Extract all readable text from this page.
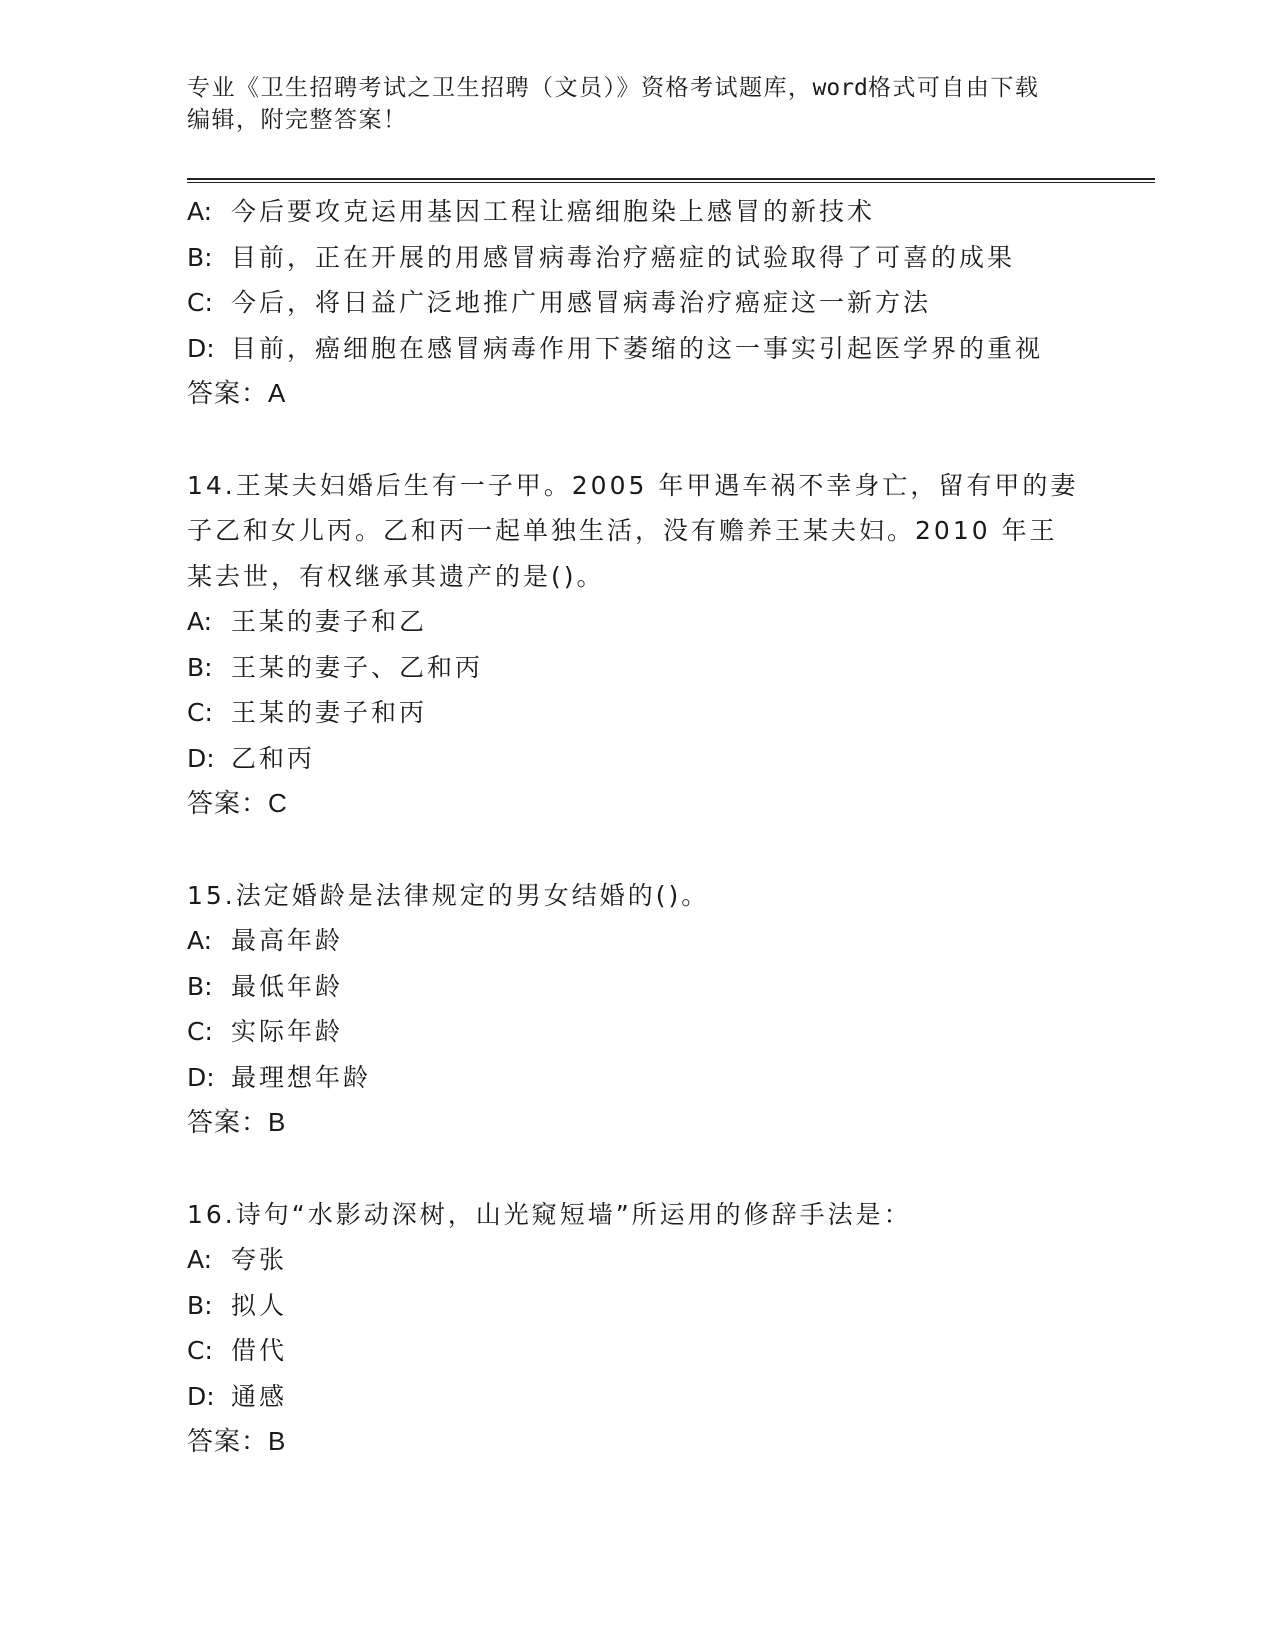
专业《卫生招聘考试之卫生招聘（文员）》资格考试题库，word格式可自由下载
编辑，附完整答案！
A: 今后要攻克运用基因工程让癌细胞染上感冒的新技术
B: 目前，正在开展的用感冒病毒治疗癌症的试验取得了可喜的成果
C: 今后，将日益广泛地推广用感冒病毒治疗癌症这一新方法
D: 目前，癌细胞在感冒病毒作用下萎缩的这一事实引起医学界的重视
答案：A
14.王某夫妇婚后生有一子甲。2005 年甲遇车祸不幸身亡，留有甲的妻
子乙和女儿丙。乙和丙一起单独生活，没有赡养王某夫妇。2010 年王
某去世，有权继承其遗产的是()。
A: 王某的妻子和乙
B: 王某的妻子、乙和丙
C: 王某的妻子和丙
D: 乙和丙
答案：C
15.法定婚龄是法律规定的男女结婚的()。
A: 最高年龄
B: 最低年龄
C: 实际年龄
D: 最理想年龄
答案：B
16.诗句“水影动深树，山光窥短墙”所运用的修辞手法是：
A: 夸张
B: 拟人
C: 借代
D: 通感
答案：B
